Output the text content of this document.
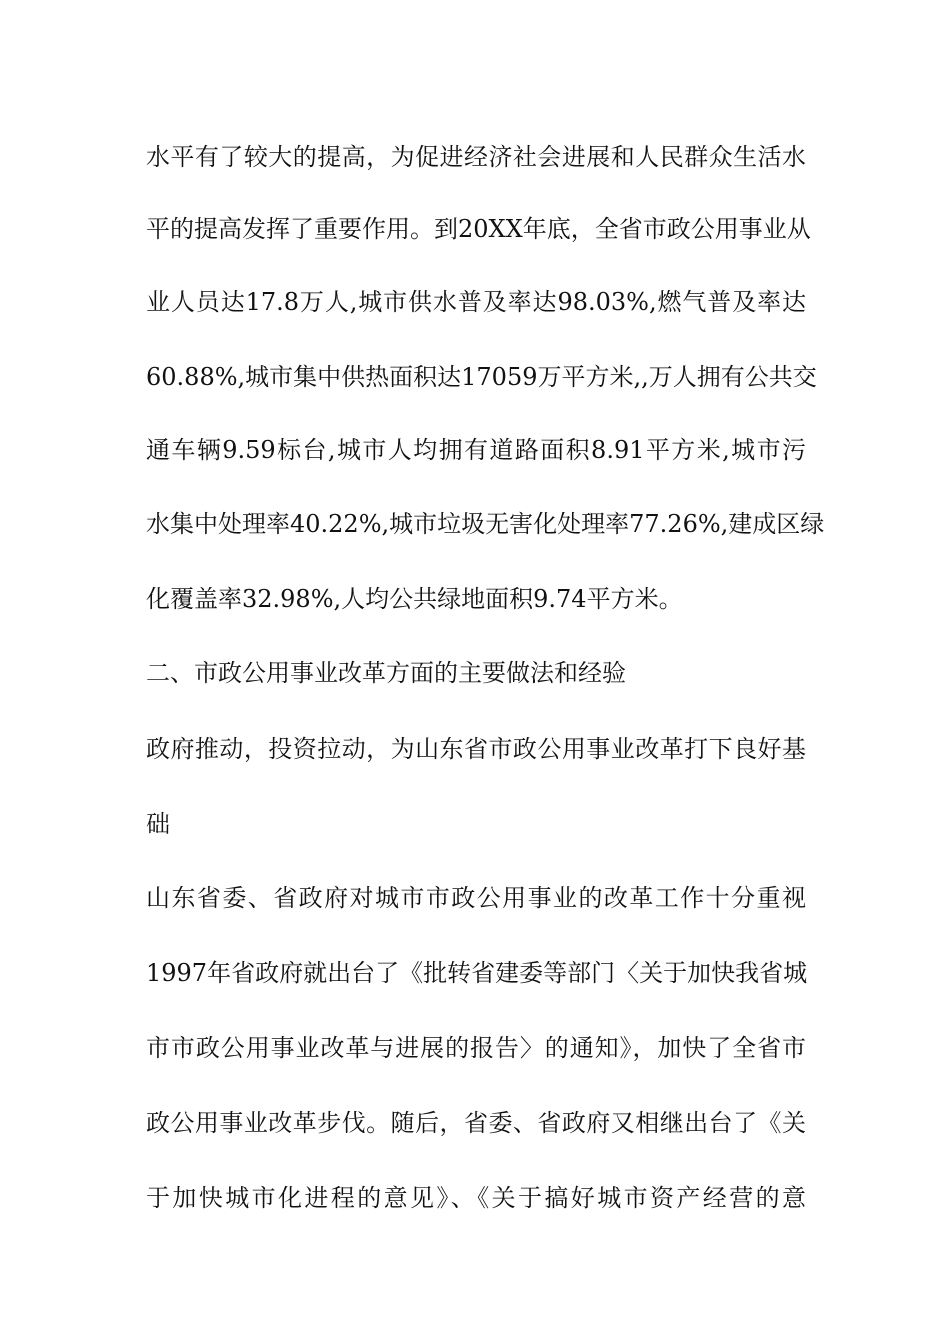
水平有了较大的提高，为促进经济社会进展和人民群众生活水
平的提高发挥了重要作用。到20XX年底，全省市政公用事业从
业人员达17.8万人,城市供水普及率达98.03%,燃气普及率达
60.88%,城市集中供热面积达17059万平方米,,万人拥有公共交
通车辆9.59标台,城市人均拥有道路面积8.91平方米,城市污
水集中处理率40.22%,城市垃圾无害化处理率77.26%,建成区绿
化覆盖率32.98%,人均公共绿地面积9.74平方米。
二、市政公用事业改革方面的主要做法和经验
政府推动，投资拉动，为山东省市政公用事业改革打下良好基
础
山东省委、省政府对城市市政公用事业的改革工作十分重视
1997年省政府就出台了《批转省建委等部门〈关于加快我省城
市市政公用事业改革与进展的报告〉的通知》，加快了全省市
政公用事业改革步伐。随后，省委、省政府又相继出台了《关
于加快城市化进程的意见》、《关于搞好城市资产经营的意
